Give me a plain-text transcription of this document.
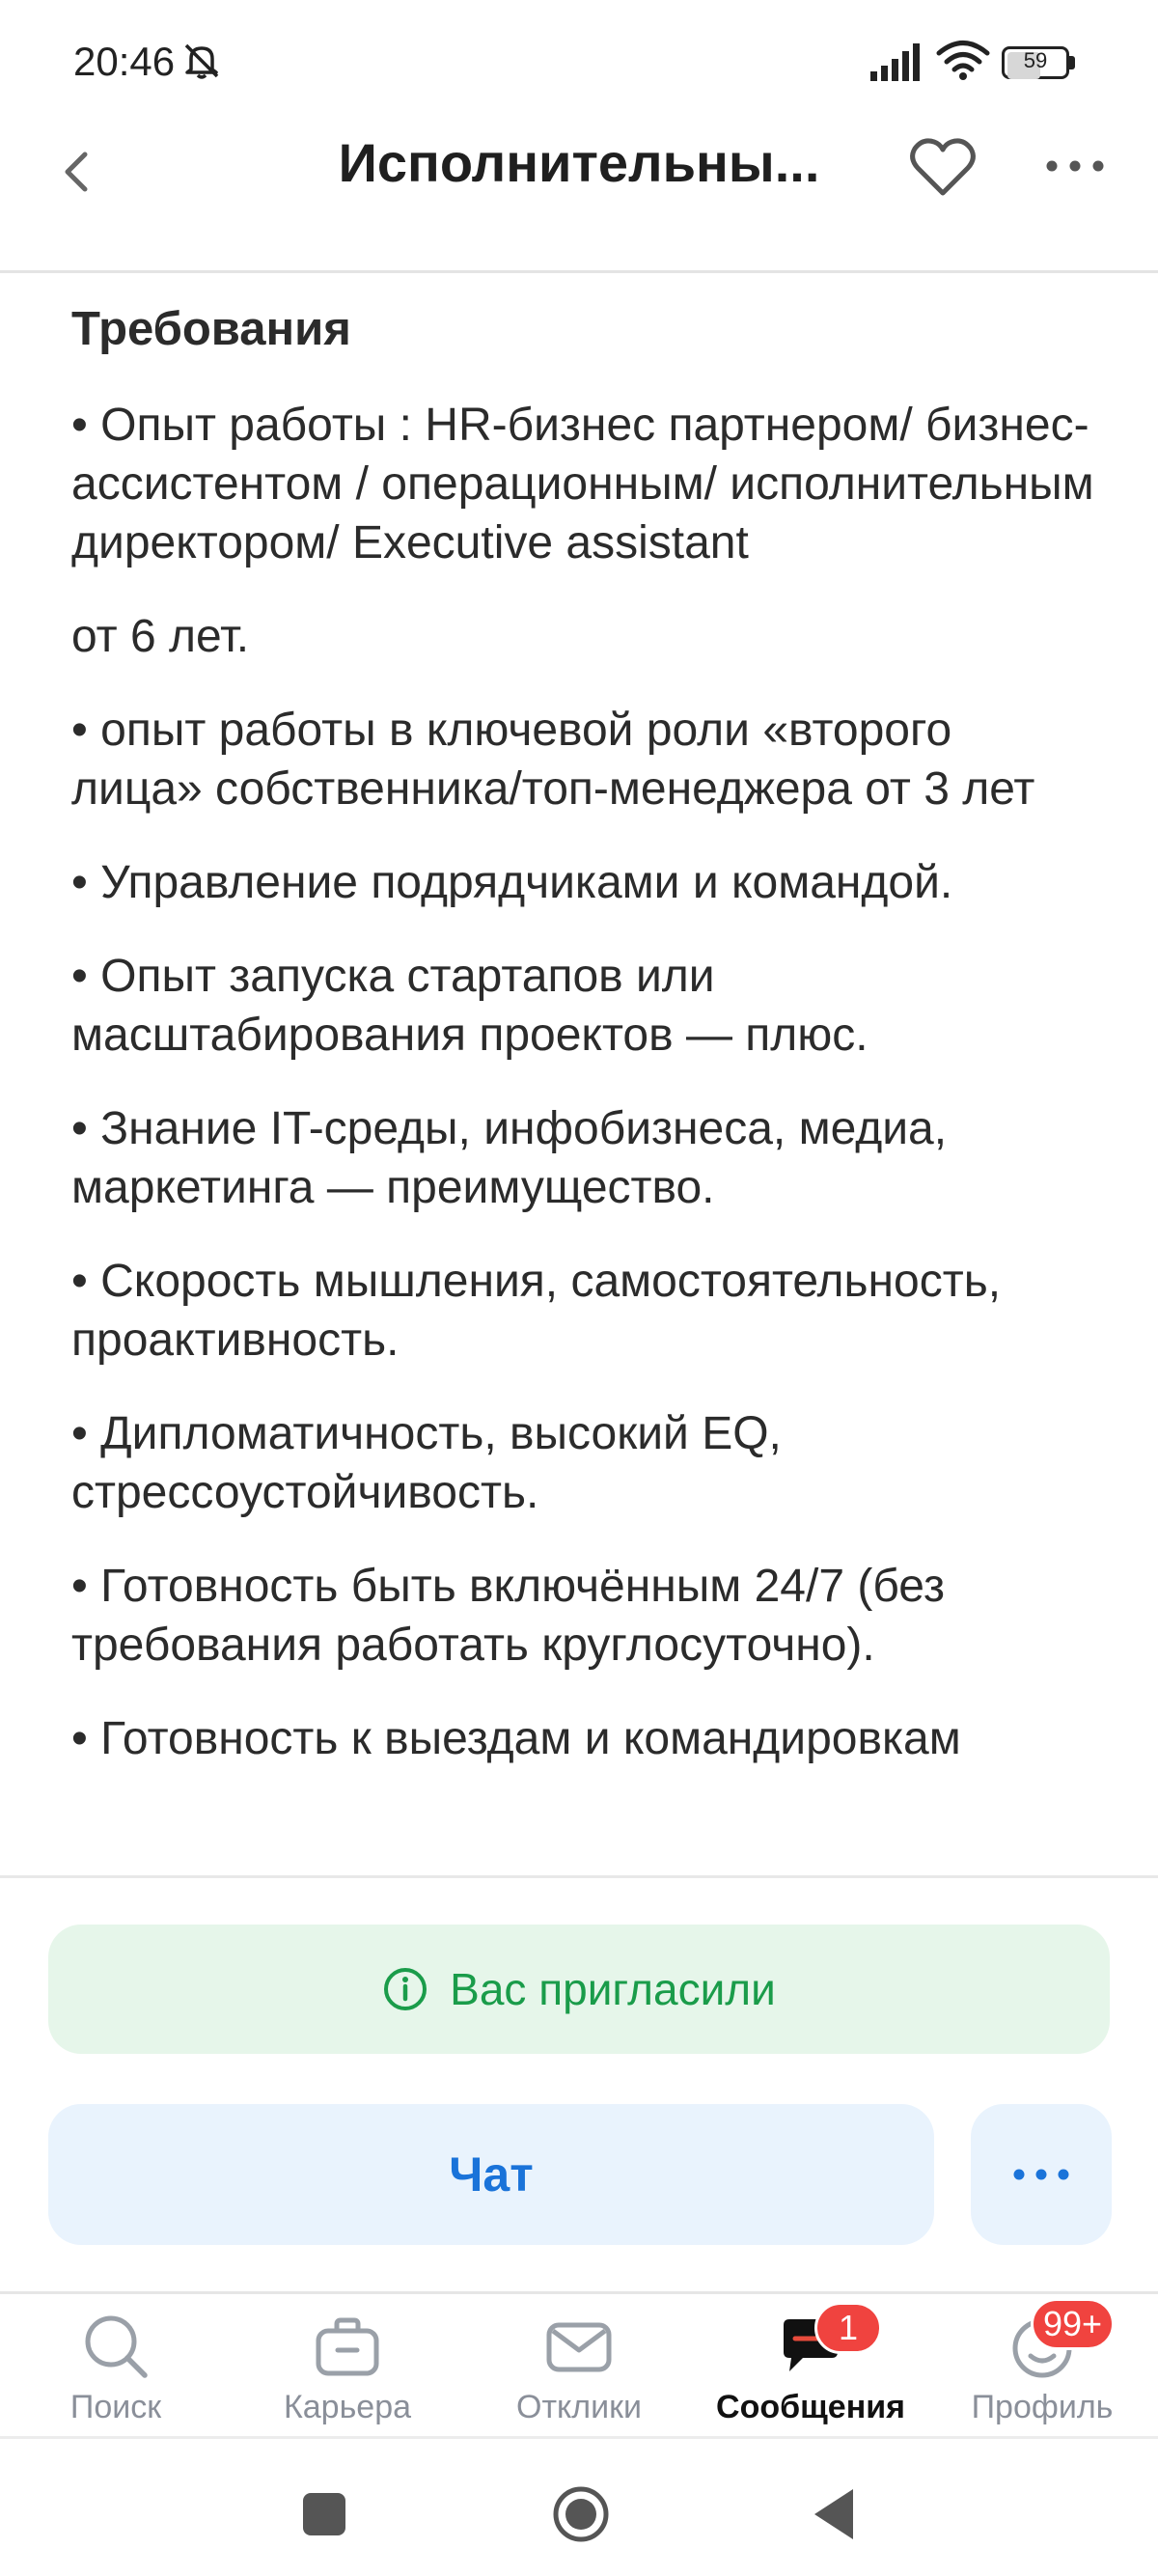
20:46	59
Исполнительны...
Требования
• Опыт работы : HR-бизнес партнером/ бизнес-ассистентом / операционным/ исполнительным директором/ Executive assistant
от 6 лет.
• опыт работы в ключевой роли «второго лица» собственника/топ-менеджера от 3 лет
• Управление подрядчиками и командой.
• Опыт запуска стартапов или масштабирования проектов — плюс.
• Знание IT-среды, инфобизнеса, медиа, маркетинга — преимущество.
• Скорость мышления, самостоятельность, проактивность.
• Дипломатичность, высокий EQ, стрессоустойчивость.
• Готовность быть включённым 24/7 (без требования работать круглосуточно).
• Готовность к выездам и командировкам
Вас пригласили
Чат
Поиск	Карьера	Отклики
1
Сообщения
99+
Профиль
